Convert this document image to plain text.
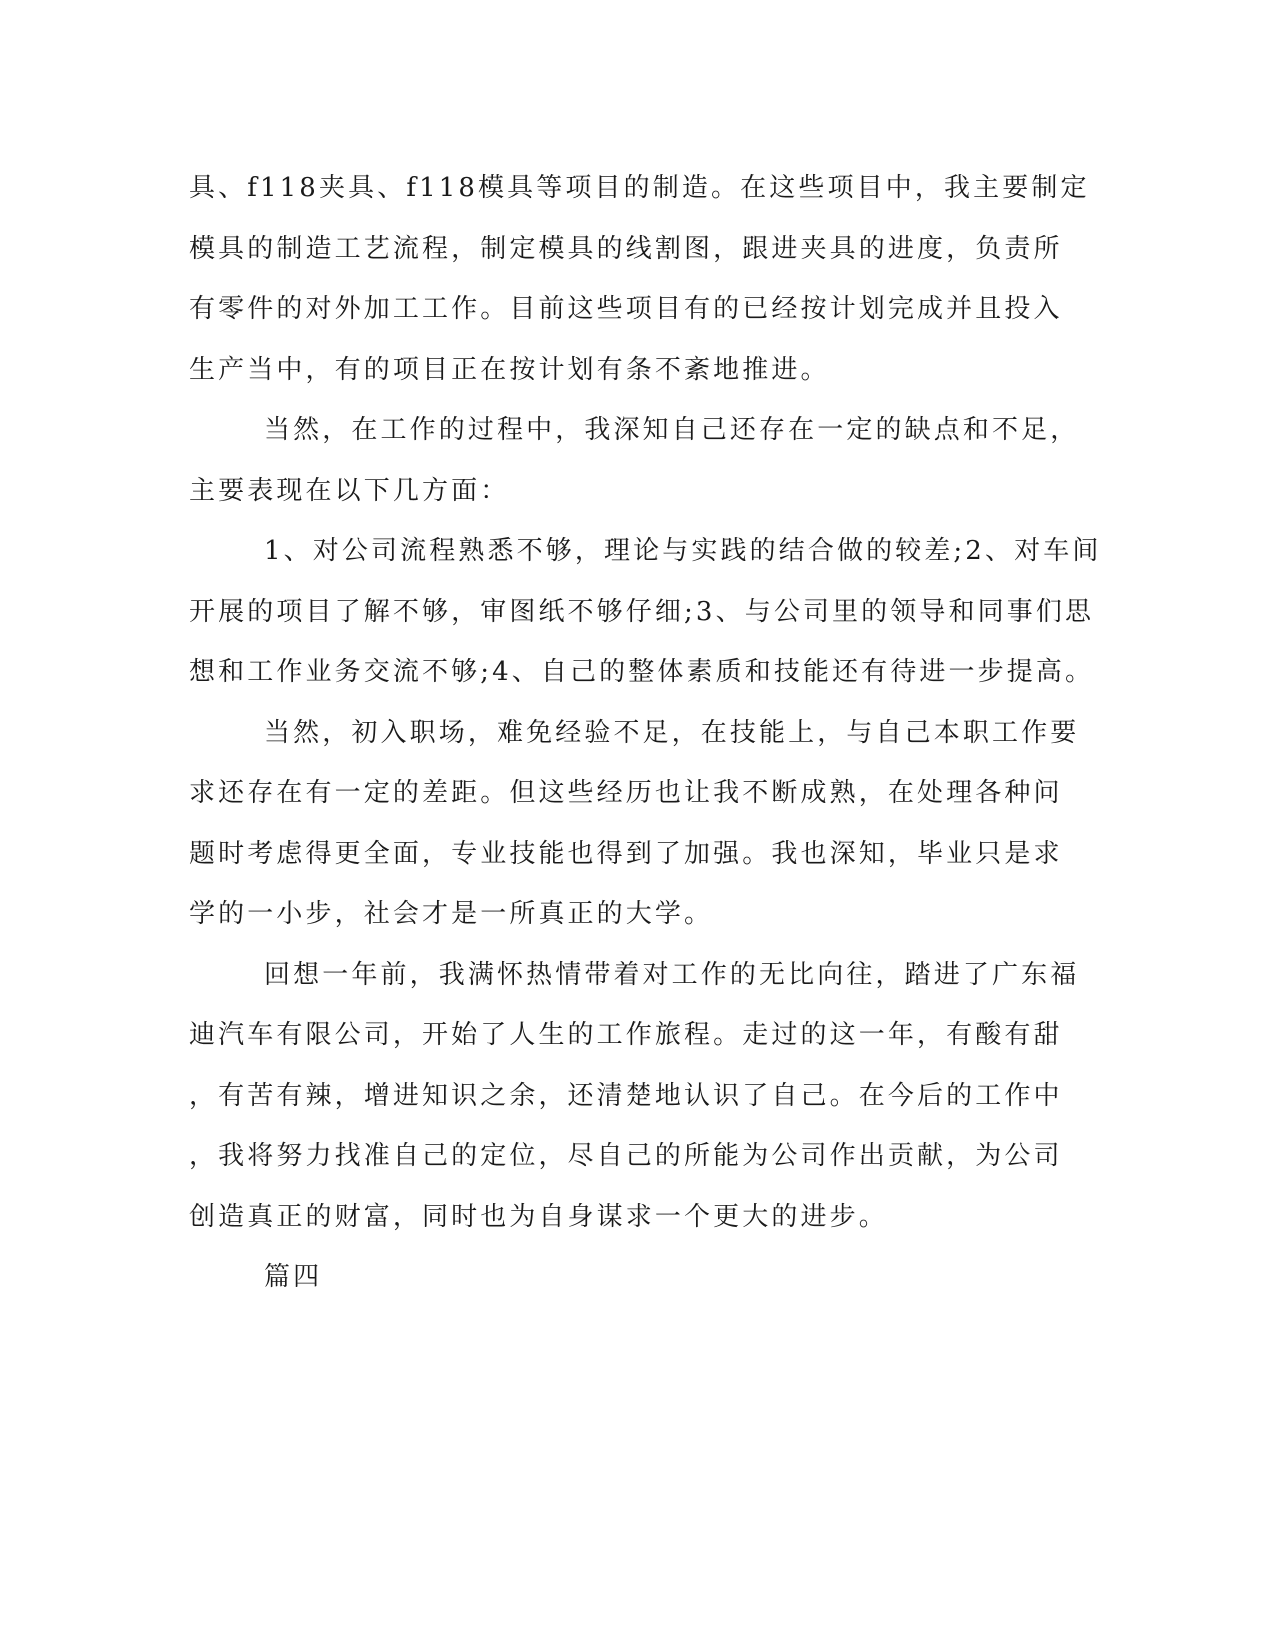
具、f118夹具、f118模具等项目的制造。在这些项目中，我主要制定
模具的制造工艺流程，制定模具的线割图，跟进夹具的进度，负责所
有零件的对外加工工作。目前这些项目有的已经按计划完成并且投入
生产当中，有的项目正在按计划有条不紊地推进。
当然，在工作的过程中，我深知自己还存在一定的缺点和不足，
主要表现在以下几方面：
1、对公司流程熟悉不够，理论与实践的结合做的较差;2、对车间
开展的项目了解不够，审图纸不够仔细;3、与公司里的领导和同事们思
想和工作业务交流不够;4、自己的整体素质和技能还有待进一步提高。
当然，初入职场，难免经验不足，在技能上，与自己本职工作要
求还存在有一定的差距。但这些经历也让我不断成熟，在处理各种问
题时考虑得更全面，专业技能也得到了加强。我也深知，毕业只是求
学的一小步，社会才是一所真正的大学。
回想一年前，我满怀热情带着对工作的无比向往，踏进了广东福
迪汽车有限公司，开始了人生的工作旅程。走过的这一年，有酸有甜
，有苦有辣，增进知识之余，还清楚地认识了自己。在今后的工作中
，我将努力找准自己的定位，尽自己的所能为公司作出贡献，为公司
创造真正的财富，同时也为自身谋求一个更大的进步。
篇四
